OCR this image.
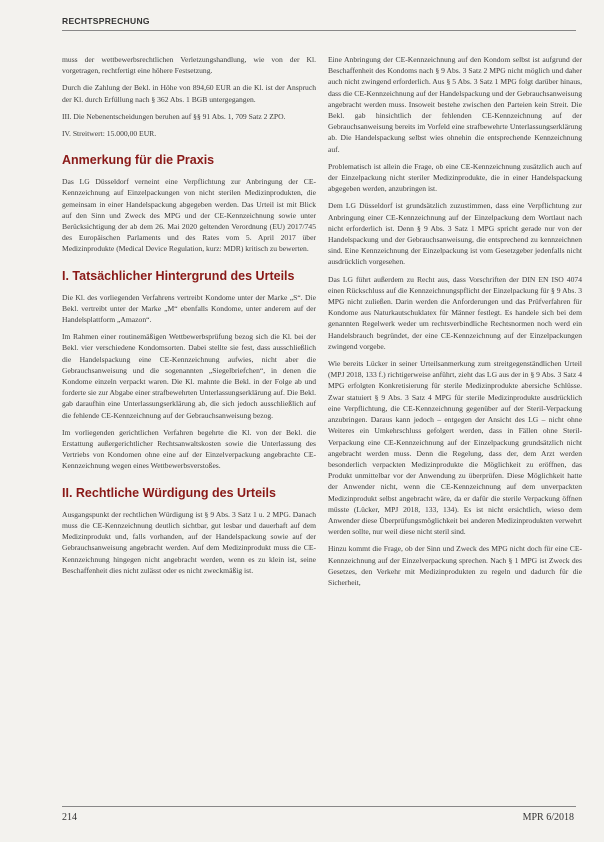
RECHTSPRECHUNG

muss der wettbewerbsrechtlichen Verletzungshandlung, wie von der Kl. vorgetragen, rechtfertigt eine höhere Festsetzung.

Durch die Zahlung der Bekl. in Höhe von 894,60 EUR an die Kl. ist der Anspruch der Kl. durch Erfüllung nach § 362 Abs. 1 BGB untergegangen.

III. Die Nebenentscheidungen beruhen auf §§ 91 Abs. 1, 709 Satz 2 ZPO.

IV. Streitwert: 15.000,00 EUR.

Anmerkung für die Praxis

Das LG Düsseldorf verneint eine Verpflichtung zur Anbringung der CE-Kennzeichnung auf Einzelpackungen von nicht sterilen Medizinprodukten, die gemeinsam in einer Handelspackung abgegeben werden. Das Urteil ist mit Blick auf den Sinn und Zweck des MPG und der CE-Kennzeichnung sowie unter Berücksichtigung der ab dem 26. Mai 2020 geltenden Verordnung (EU) 2017/745 des Europäischen Parlaments und des Rates vom 5. April 2017 über Medizinprodukte (Medical Device Regulation, kurz: MDR) kritisch zu bewerten.

I. Tatsächlicher Hintergrund des Urteils

Die Kl. des vorliegenden Verfahrens vertreibt Kondome unter der Marke „S“. Die Bekl. vertreibt unter der Marke „M“ ebenfalls Kondome, unter anderem auf der Handelsplattform „Amazon“.

Im Rahmen einer routinemäßigen Wettbewerbsprüfung bezog sich die Kl. bei der Bekl. vier verschiedene Kondomsorten. Dabei stellte sie fest, dass ausschließlich die Handelspackung eine CE-Kennzeichnung aufwies, nicht aber die Gebrauchsanweisung und die sogenannten „Siegelbriefchen“, in denen die Kondome einzeln verpackt waren. Die Kl. mahnte die Bekl. in der Folge ab und forderte sie zur Abgabe einer strafbewehrten Unterlassungserklärung auf. Die Bekl. gab daraufhin eine Unterlassungserklärung ab, die sich jedoch ausschließlich auf die fehlende CE-Kennzeichnung auf der Gebrauchsanweisung bezog.

Im vorliegenden gerichtlichen Verfahren begehrte die Kl. von der Bekl. die Erstattung außergerichtlicher Rechtsanwaltskosten sowie die Unterlassung des Vertriebs von Kondomen ohne eine auf der Einzelverpackung angebrachte CE-Kennzeichnung wegen eines Wettbewerbsverstoßes.

II. Rechtliche Würdigung des Urteils

Ausgangspunkt der rechtlichen Würdigung ist § 9 Abs. 3 Satz 1 u. 2 MPG. Danach muss die CE-Kennzeichnung deutlich sichtbar, gut lesbar und dauerhaft auf dem Medizinprodukt und, falls vorhanden, auf der Handelspackung sowie auf der Gebrauchsanweisung angebracht werden. Auf dem Medizinprodukt muss die CE-Kennzeichnung hingegen nicht angebracht werden, wenn es zu klein ist, seine Beschaffenheit dies nicht zulässt oder es nicht zweckmäßig ist.

Eine Anbringung der CE-Kennzeichnung auf den Kondom selbst ist aufgrund der Beschaffenheit des Kondoms nach § 9 Abs. 3 Satz 2 MPG nicht möglich und daher auch nicht zwingend erforderlich. Aus § 5 Abs. 3 Satz 1 MPG folgt darüber hinaus, dass die CE-Kennzeichnung auf der Handelspackung und der Gebrauchsanweisung angebracht werden muss. Insoweit bestehe zwischen den Parteien kein Streit. Die Bekl. gab hinsichtlich der fehlenden CE-Kennzeichnung auf der Gebrauchsanweisung bereits im Vorfeld eine strafbewehrte Unterlassungserklärung ab. Die Handelspackung selbst wies ohnehin die entsprechende Kennzeichnung auf.

Problematisch ist allein die Frage, ob eine CE-Kennzeichnung zusätzlich auch auf der Einzelpackung nicht steriler Medizinprodukte, die in einer Handelspackung abgegeben werden, anzubringen ist.

Dem LG Düsseldorf ist grundsätzlich zuzustimmen, dass eine Verpflichtung zur Anbringung einer CE-Kennzeichnung auf der Einzelpackung dem Wortlaut nach nicht erforderlich ist. Denn § 9 Abs. 3 Satz 1 MPG spricht gerade nur von der Handelspackung und der Gebrauchsanweisung, die entsprechend zu kennzeichnen sind. Eine Kennzeichnung der Einzelpackung ist vom Gesetzgeber jedenfalls nicht ausdrücklich vorgesehen.

Das LG führt außerdem zu Recht aus, dass Vorschriften der DIN EN ISO 4074 einen Rückschluss auf die Kennzeichnungspflicht der Einzelpackung für § 9 Abs. 3 MPG nicht zuließen. Darin werden die Anforderungen und das Prüfverfahren für Kondome aus Naturkautschuklatex für Männer festlegt. Es handele sich bei dem genannten Regelwerk weder um rechtsverbindliche Rechtsnormen noch werd ein Handelsbrauch begründet, der eine CE-Kennzeichnung auf der Einzelpackungen zwingend vorgebe.

Wie bereits Lücker in seiner Urteilsanmerkung zum streitgegenständlichen Urteil (MPJ 2018, 133 f.) richtigerweise anführt, zieht das LG aus der in § 9 Abs. 3 Satz 4 MPG erfolgten Konkretisierung für sterile Medizinprodukte abersiche Schlüsse. Zwar statuiert § 9 Abs. 3 Satz 4 MPG für sterile Medizinprodukte ausdrücklich eine Verpflichtung, die CE-Kennzeichnung gegenüber auf der Steril-Verpackung anzubringen. Daraus kann jedoch – entgegen der Ansicht des LG – nicht ohne Weiteres ein Umkehrschluss gefolgert werden, dass in Fällen ohne Steril-Verpackung eine CE-Kennzeichnung auf der Einzelpackung grundsätzlich nicht angebracht werden muss. Denn die Regelung, dass der, dem Arzt werden besonderlich verpackten Medizinprodukte die Möglichkeit zu eröffnen, das Produkt unmittelbar vor der Anwendung zu überprüfen. Diese Möglichkeit hatte der Anwender nicht, wenn die CE-Kennzeichnung auf dem unverpackten Medizinprodukt selbst angebracht wäre, da er dafür die sterile Verpackung öffnen müsste (Lücker, MPJ 2018, 133, 134). Es ist nicht ersichtlich, wieso dem Anwender diese Überprüfungsmöglichkeit bei anderen Medizinprodukten verwehrt werden sollte, nur weil diese nicht steril sind.

Hinzu kommt die Frage, ob der Sinn und Zweck des MPG nicht doch für eine CE-Kennzeichnung auf der Einzelverpackung sprechen. Nach § 1 MPG ist Zweck des Gesetzes, den Verkehr mit Medizinprodukten zu regeln und dadurch für die Sicherheit,

214	MPR 6/2018
